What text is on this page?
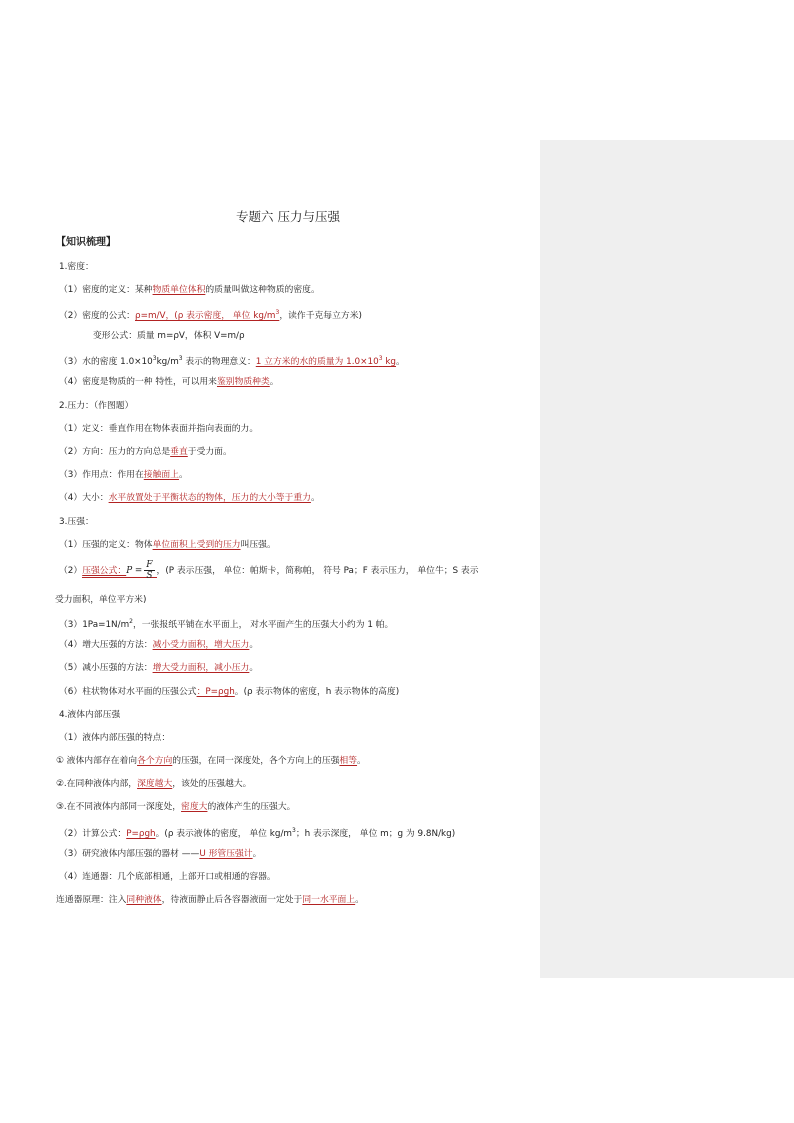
专题六 压力与压强
【知识梳理】
1.密度：
（1）密度的定义：某种物质单位体积的质量叫做这种物质的密度。
（2）密度的公式：ρ=m/V，(ρ 表示密度， 单位 $kg/m^3$，读作千克每立方米)
变形公式：质量 m=ρV，体积 V=m/ρ
（3）水的密度 $1.0\times 10^3kg/m^3$ 表示的物理意义：1 立方米的水的质量为 $1.0\times 10^3$ kg。
（4）密度是物质的一种 特性，可以用来鉴别物质种类。
2.压力：（作图题）
（1）定义：垂直作用在物体表面并指向表面的力。
（2）方向：压力的方向总是垂直于受力面。
（3）作用点：作用在接触面上。
（4）大小：水平放置处于平衡状态的物体，压力的大小等于重力。
3.压强：
（1）压强的定义：物体单位面积上受到的压力叫压强。
（2）压强公式：$P = \frac{F}{S}$ ，(P 表示压强， 单位：帕斯卡，简称帕， 符号 Pa；F 表示压力， 单位牛；S 表示
受力面积，单位平方米)
$(3)1Pa=1N/m^2$，一张报纸平铺在水平面上， 对水平面产生的压强大小约为 1 帕。
（4）增大压强的方法：减小受力面积，增大压力。
（5）减小压强的方法：增大受力面积，减小压力。
（6）柱状物体对水平面的压强公式：P=ρgh。(ρ 表示物体的密度，h 表示物体的高度)
4.液体内部压强
（1）液体内部压强的特点：
① 液体内部存在着向各个方向的压强，在同一深度处，各个方向上的压强相等。
②.在同种液体内部，深度越大，该处的压强越大。
③.在不同液体内部同一深度处，密度大的液体产生的压强大。
（2）计算公式：P=ρgh。(ρ 表示液体的密度， 单位 $kg/m^3$；h 表示深度， 单位 m；g 为 9.8N/kg)
（3）研究液体内部压强的器材 ——U 形管压强计。
（4）连通器：几个底部相通，上部开口或相通的容器。
连通器原理：注入同种液体，待液面静止后各容器液面一定处于同一水平面上。
